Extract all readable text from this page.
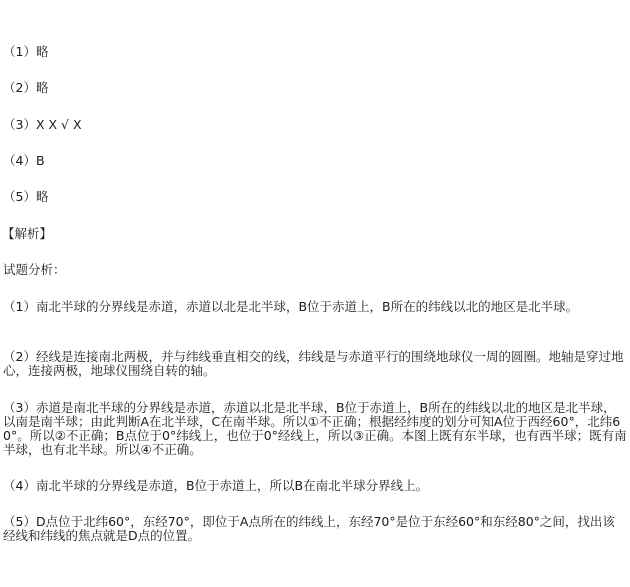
（1）略
（2）略
（3）X X √ X
（4）B
（5）略
【解析】
试题分析：
（1）南北半球的分界线是赤道，赤道以北是北半球，B位于赤道上，B所在的纬线以北的地区是北半球。
（2）经线是连接南北两极，并与纬线垂直相交的线，纬线是与赤道平行的围绕地球仪一周的圆圈。地轴是穿过地心，连接两极，地球仪围绕自转的轴。
（3）赤道是南北半球的分界线是赤道，赤道以北是北半球，B位于赤道上，B所在的纬线以北的地区是北半球，以南是南半球；由此判断A在北半球，C在南半球。所以①不正确；根据经纬度的划分可知A位于西经60°，北纬60°。所以②不正确；B点位于0°纬线上，也位于0°经线上，所以③正确。本图上既有东半球，也有西半球；既有南半球，也有北半球。所以④不正确。
（4）南北半球的分界线是赤道，B位于赤道上，所以B在南北半球分界线上。
（5）D点位于北纬60°，东经70°，即位于A点所在的纬线上，东经70°是位于东经60°和东经80°之间，找出该经线和纬线的焦点就是D点的位置。
